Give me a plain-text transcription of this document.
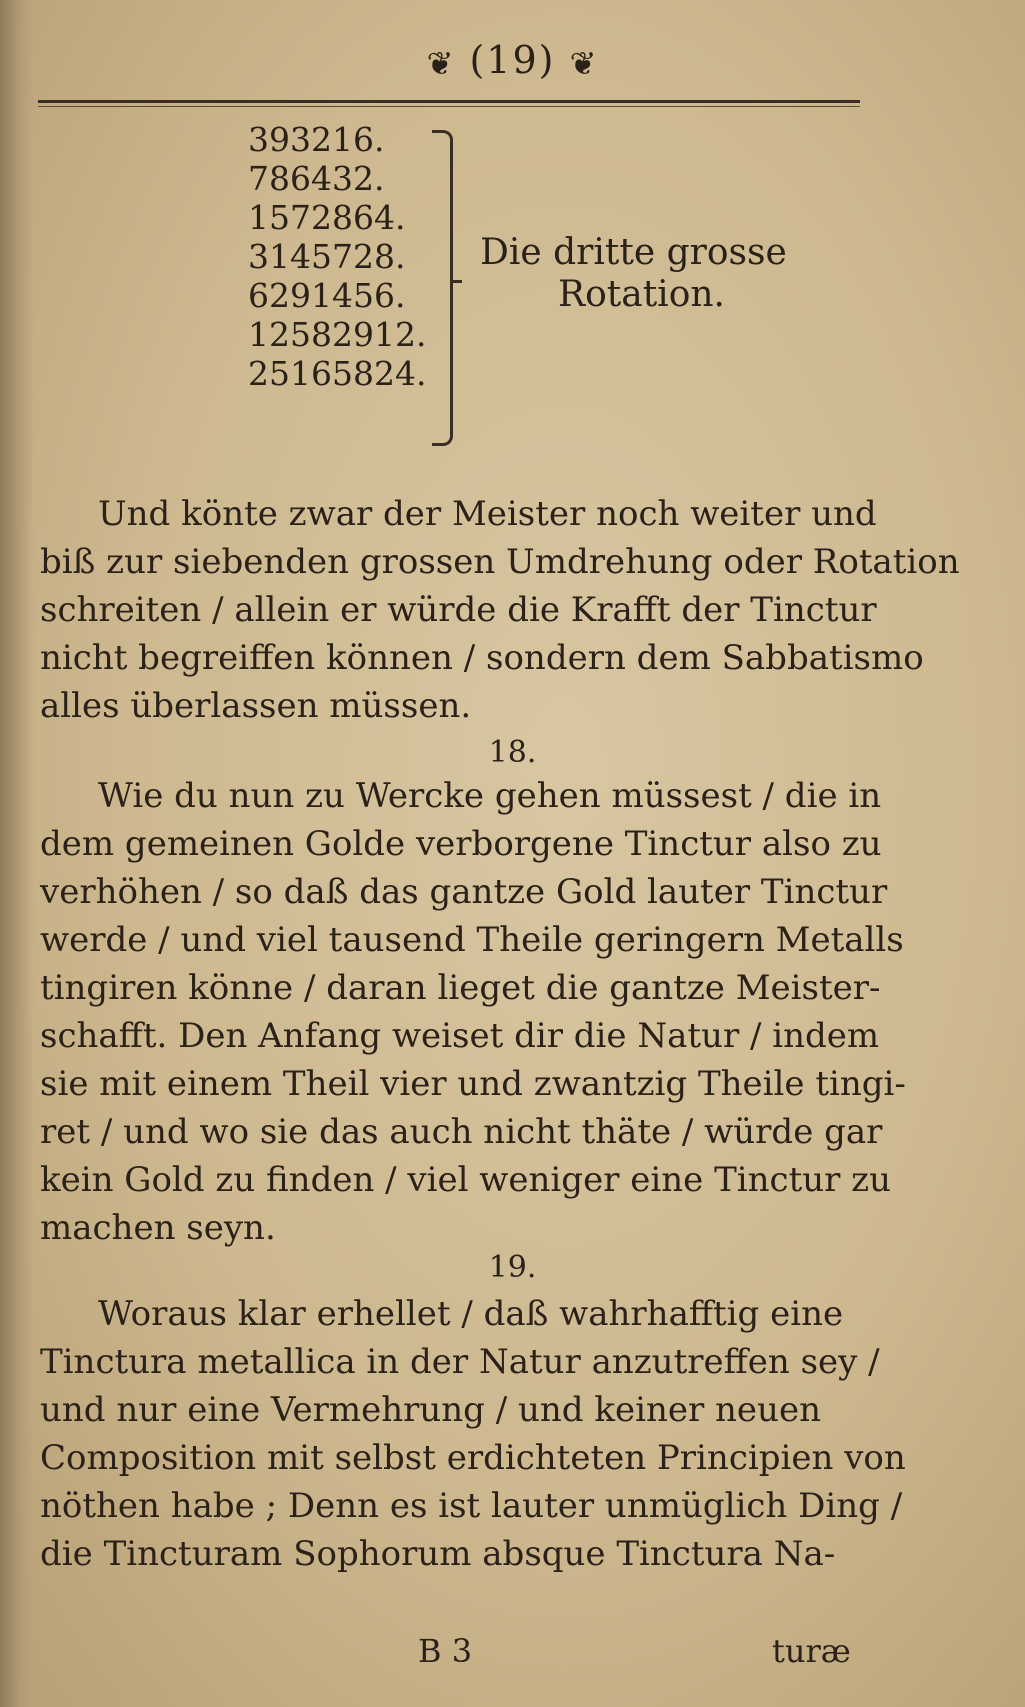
❦ (19) ❦
393216.
786432.
1572864.
3145728.
6291456.
12582912.
25165824.
Die dritte grosse
Rotation.
Und könte zwar der Meister noch weiter und
biß zur siebenden grossen Umdrehung oder Rotation
schreiten / allein er würde die Krafft der Tinctur
nicht begreiffen können / sondern dem Sabbatismo
alles überlassen müssen.
18.
Wie du nun zu Wercke gehen müssest / die in
dem gemeinen Golde verborgene Tinctur also zu
verhöhen / so daß das gantze Gold lauter Tinctur
werde / und viel tausend Theile geringern Metalls
tingiren könne / daran lieget die gantze Meister-
schafft. Den Anfang weiset dir die Natur / indem
sie mit einem Theil vier und zwantzig Theile tingi-
ret / und wo sie das auch nicht thäte / würde gar
kein Gold zu finden / viel weniger eine Tinctur zu
machen seyn.
19.
Woraus klar erhellet / daß wahrhafftig eine
Tinctura metallica in der Natur anzutreffen sey /
und nur eine Vermehrung / und keiner neuen
Composition mit selbst erdichteten Principien von
nöthen habe ; Denn es ist lauter unmüglich Ding /
die Tincturam Sophorum absque Tinctura Na-
B 3	turæ
